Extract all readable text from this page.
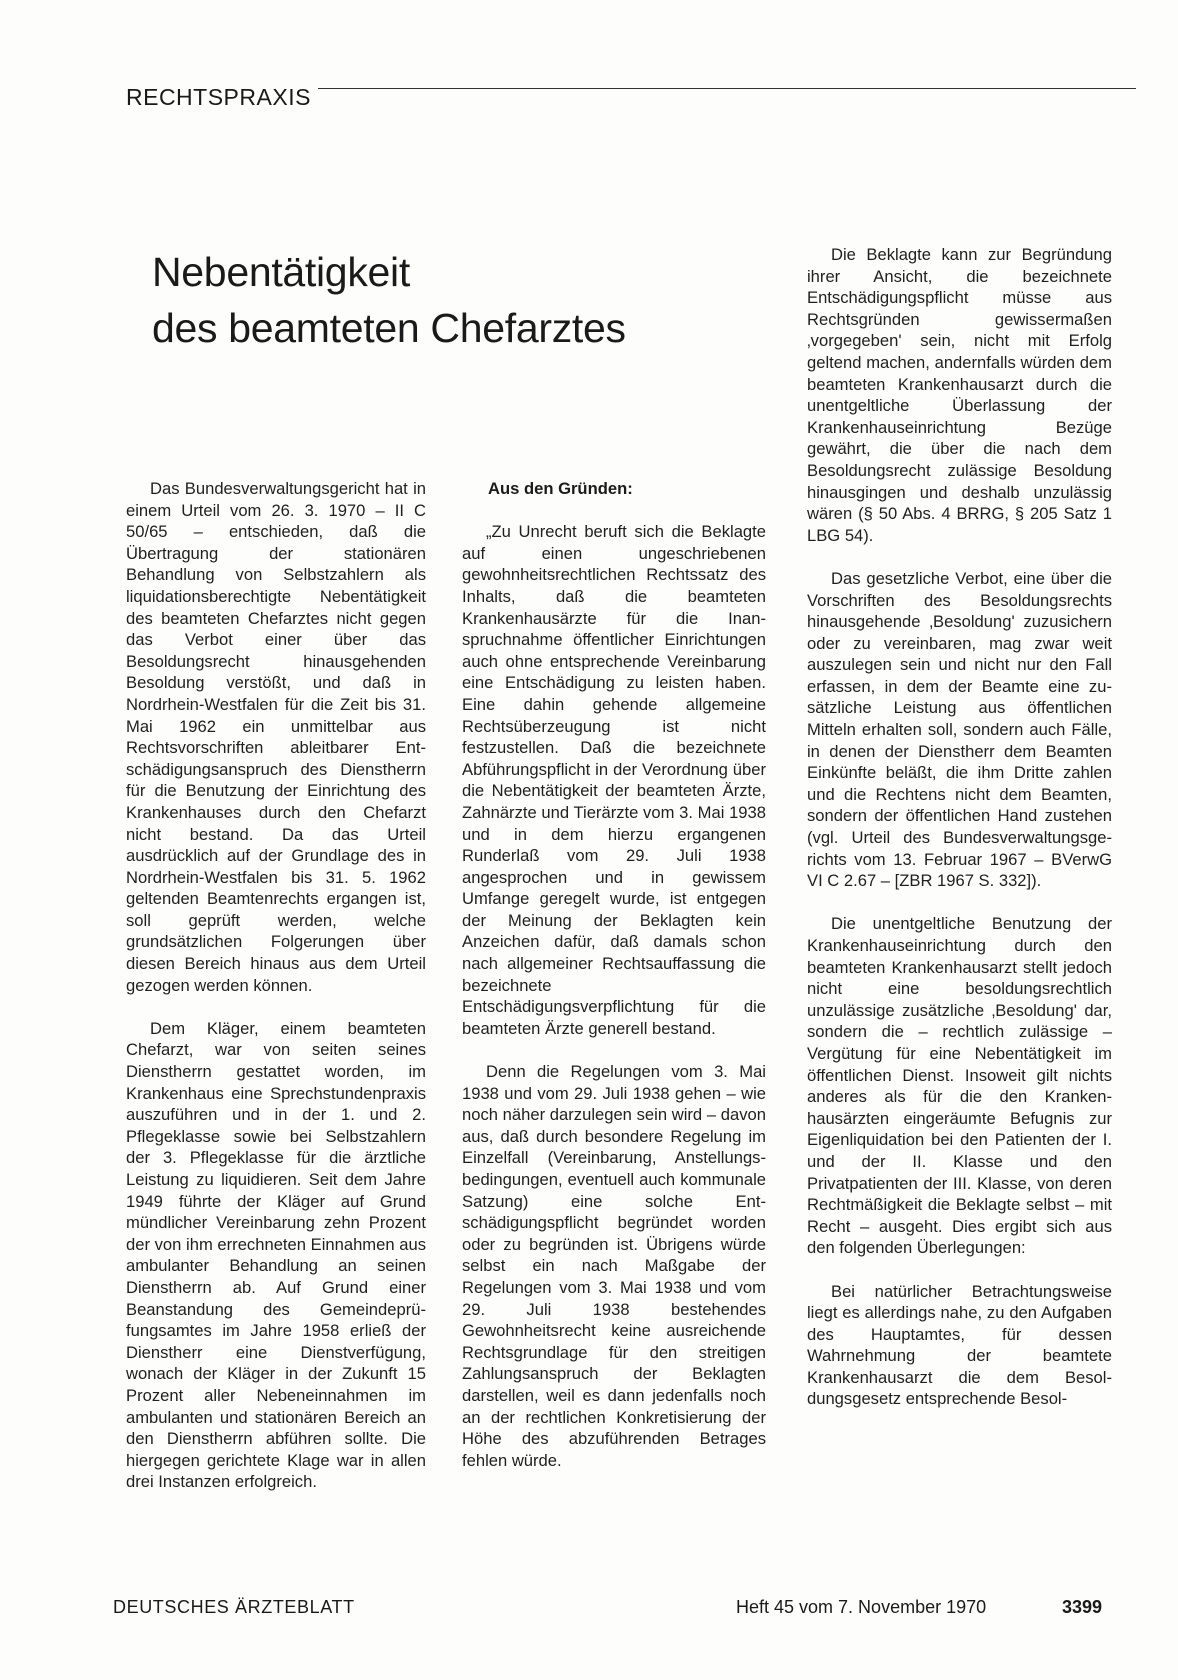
RECHTSPRAXIS
Nebentätigkeit
des beamteten Chefarztes

Das Bundesverwaltungsgericht hat in einem Urteil vom 26. 3. 1970 – II C 50/65 – entschieden, daß die Übertragung der stationären Behandlung von Selbstzahlern als liquidationsberechtigte Nebentätigkeit des beamteten Chefarztes nicht gegen das Verbot einer über das Besoldungsrecht hinausgehenden Besoldung verstößt, und daß in Nordrhein-Westfalen für die Zeit bis 31. Mai 1962 ein unmittelbar aus Rechtsvorschriften ableitbarer Entschädigungsanspruch des Dienstherrn für die Benutzung der Einrichtung des Krankenhauses durch den Chefarzt nicht bestand. Da das Urteil ausdrücklich auf der Grundlage des in Nordrhein-Westfalen bis 31. 5. 1962 geltenden Beamtenrechts ergangen ist, soll geprüft werden, welche grundsätzlichen Folgerungen über diesen Bereich hinaus aus dem Urteil gezogen werden können.

Dem Kläger, einem beamteten Chefarzt, war von seiten seines Dienstherrn gestattet worden, im Krankenhaus eine Sprechstundenpraxis auszuführen und in der 1. und 2. Pflegeklasse sowie bei Selbstzahlern der 3. Pflegeklasse für die ärztliche Leistung zu liquidieren. Seit dem Jahre 1949 führte der Kläger auf Grund mündlicher Vereinbarung zehn Prozent der von ihm errechneten Einnahmen aus ambulanter Behandlung an seinen Dienstherrn ab. Auf Grund einer Beanstandung des Gemeindeprüfungsamtes im Jahre 1958 erließ der Dienstherr eine Dienstverfügung, wonach der Kläger in der Zukunft 15 Prozent aller Nebeneinnahmen im ambulanten und stationären Bereich an den Dienstherrn abführen sollte. Die hiergegen gerichtete Klage war in allen drei Instanzen erfolgreich.

Aus den Gründen:

„Zu Unrecht beruft sich die Beklagte auf einen ungeschriebenen gewohnheitsrechtlichen Rechtssatz des Inhalts, daß die beamteten Krankenhausärzte für die Inanspruchnahme öffentlicher Einrichtungen auch ohne entsprechende Vereinbarung eine Entschädigung zu leisten haben. Eine dahin gehende allgemeine Rechtsüberzeugung ist nicht festzustellen. Daß die bezeichnete Abführungspflicht in der Verordnung über die Nebentätigkeit der beamteten Ärzte, Zahnärzte und Tierärzte vom 3. Mai 1938 und in dem hierzu ergangenen Runderlaß vom 29. Juli 1938 angesprochen und in gewissem Umfange geregelt wurde, ist entgegen der Meinung der Beklagten kein Anzeichen dafür, daß damals schon nach allgemeiner Rechtsauffassung die bezeichnete Entschädigungsverpflichtung für die beamteten Ärzte generell bestand.

Denn die Regelungen vom 3. Mai 1938 und vom 29. Juli 1938 gehen – wie noch näher darzulegen sein wird – davon aus, daß durch besondere Regelung im Einzelfall (Vereinbarung, Anstellungsbedingungen, eventuell auch kommunale Satzung) eine solche Entschädigungspflicht begründet worden oder zu begründen ist. Übrigens würde selbst ein nach Maßgabe der Regelungen vom 3. Mai 1938 und vom 29. Juli 1938 bestehendes Gewohnheitsrecht keine ausreichende Rechtsgrundlage für den streitigen Zahlungsanspruch der Beklagten darstellen, weil es dann jedenfalls noch an der rechtlichen Konkretisierung der Höhe des abzuführenden Betrages fehlen würde.

Die Beklagte kann zur Begründung ihrer Ansicht, die bezeichnete Entschädigungspflicht müsse aus Rechtsgründen gewissermaßen ‚vorgegeben' sein, nicht mit Erfolg geltend machen, andernfalls würden dem beamteten Krankenhausarzt durch die unentgeltliche Überlassung der Krankenhauseinrichtung Bezüge gewährt, die über die nach dem Besoldungsrecht zulässige Besoldung hinausgingen und deshalb unzulässig wären (§ 50 Abs. 4 BRRG, § 205 Satz 1 LBG 54).

Das gesetzliche Verbot, eine über die Vorschriften des Besoldungsrechts hinausgehende ‚Besoldung' zuzusichern oder zu vereinbaren, mag zwar weit auszulegen sein und nicht nur den Fall erfassen, in dem der Beamte eine zusätzliche Leistung aus öffentlichen Mitteln erhalten soll, sondern auch Fälle, in denen der Dienstherr dem Beamten Einkünfte beläßt, die ihm Dritte zahlen und die Rechtens nicht dem Beamten, sondern der öffentlichen Hand zustehen (vgl. Urteil des Bundesverwaltungsgerichts vom 13. Februar 1967 – BVerwG VI C 2.67 – [ZBR 1967 S. 332]).

Die unentgeltliche Benutzung der Krankenhauseinrichtung durch den beamteten Krankenhausarzt stellt jedoch nicht eine besoldungsrechtlich unzulässige zusätzliche ‚Besoldung' dar, sondern die – rechtlich zulässige – Vergütung für eine Nebentätigkeit im öffentlichen Dienst. Insoweit gilt nichts anderes als für die den Krankenhausärzten eingeräumte Befugnis zur Eigenliquidation bei den Patienten der I. und der II. Klasse und den Privatpatienten der III. Klasse, von deren Rechtmäßigkeit die Beklagte selbst – mit Recht – ausgeht. Dies ergibt sich aus den folgenden Überlegungen:

Bei natürlicher Betrachtungsweise liegt es allerdings nahe, zu den Aufgaben des Hauptamtes, für dessen Wahrnehmung der beamtete Krankenhausarzt die dem Besoldungsgesetz entsprechende Besol-

DEUTSCHES ÄRZTEBLATT	Heft 45 vom 7. November 1970	3399
